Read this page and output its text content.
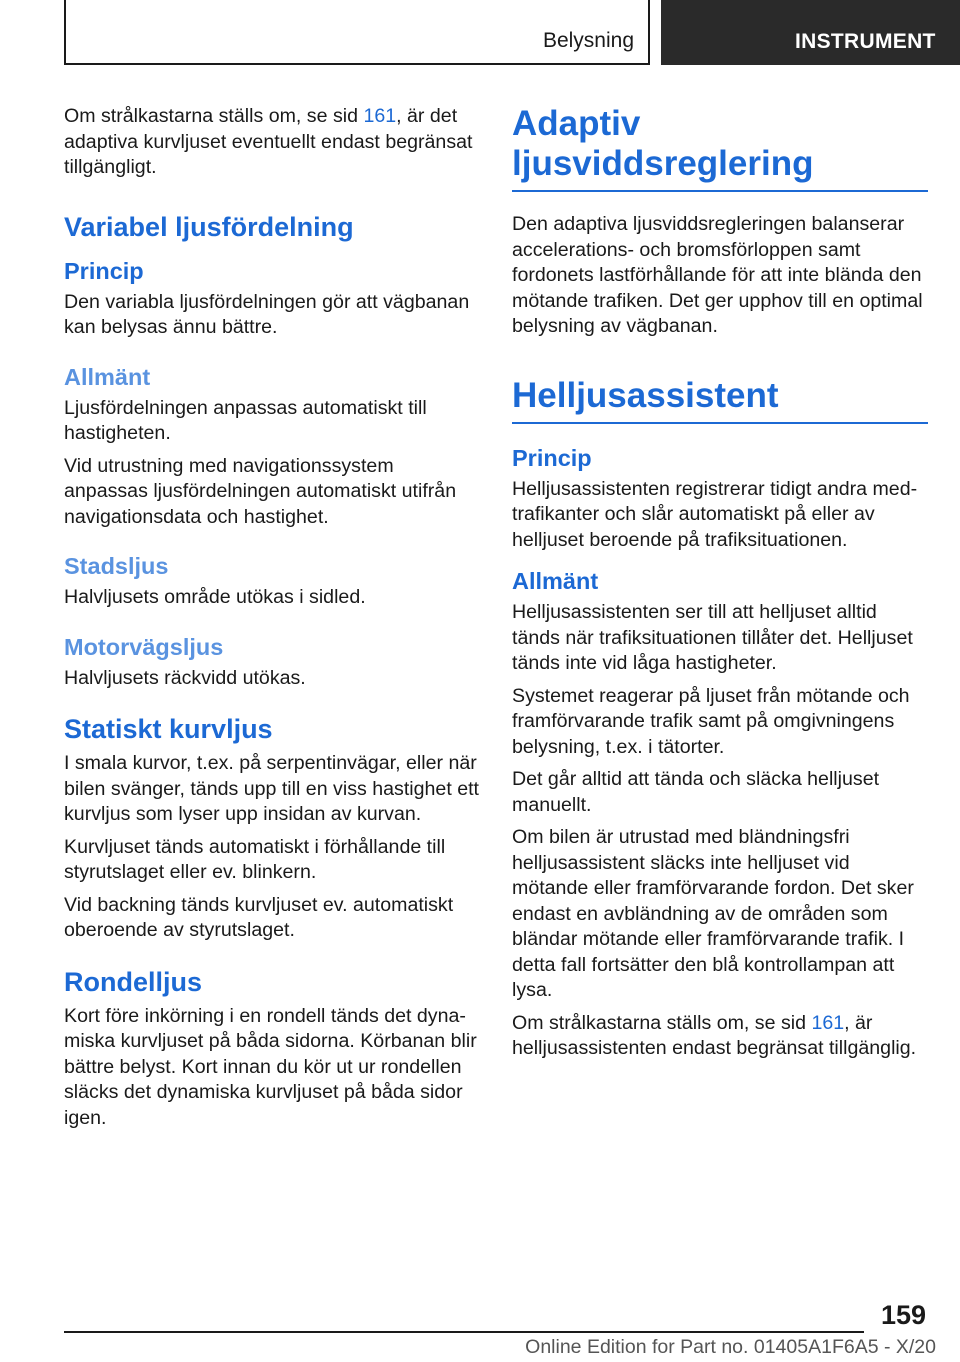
Belysning	INSTRUMENT

Om strålkastarna ställs om, se sid 161, är det adaptiva kurvljuset eventuellt endast begränsat tillgängligt.

Variabel ljusfördelning
Princip

Den variabla ljusfördelningen gör att vägbanan kan belysas ännu bättre.

Allmänt

Ljusfördelningen anpassas automatiskt till hastigheten.

Vid utrustning med navigationssystem anpassas ljusfördelningen automatiskt utifrån navigationsdata och hastighet.

Stadsljus

Halvljusets område utökas i sidled.

Motorvägsljus

Halvljusets räckvidd utökas.

Statiskt kurvljus

I smala kurvor, t.ex. på serpentinvägar, eller när bilen svänger, tänds upp till en viss hastighet ett kurvljus som lyser upp insidan av kurvan.

Kurvljuset tänds automatiskt i förhållande till styrutslaget eller ev. blinkern.

Vid backning tänds kurvljuset ev. automatiskt oberoende av styrutslaget.

Rondelljus

Kort före inkörning i en rondell tänds det dynamiska kurvljuset på båda sidorna. Körbanan blir bättre belyst. Kort innan du kör ut ur rondellen släcks det dynamiska kurvljuset på båda sidor igen.

Adaptiv ljusviddsreglering

Den adaptiva ljusviddsregleringen balanserar accelerations- och bromsförloppen samt fordonets lastförhållande för att inte blända den mötande trafiken. Det ger upphov till en optimal belysning av vägbanan.

Helljusassistent
Princip

Helljusassistenten registrerar tidigt andra medtrafikanter och slår automatiskt på eller av helljuset beroende på trafiksituationen.

Allmänt

Helljusassistenten ser till att helljuset alltid tänds när trafiksituationen tillåter det. Helljuset tänds inte vid låga hastigheter.

Systemet reagerar på ljuset från mötande och framförvarande trafik samt på omgivningens belysning, t.ex. i tätorter.

Det går alltid att tända och släcka helljuset manuellt.

Om bilen är utrustad med bländningsfri helljusassistent släcks inte helljuset vid mötande eller framförvarande fordon. Det sker endast en avbländning av de områden som bländar mötande eller framförvarande trafik. I detta fall fortsätter den blå kontrollampan att lysa.

Om strålkastarna ställs om, se sid 161, är helljusassistenten endast begränsat tillgänglig.

159
Online Edition for Part no. 01405A1F6A5 - X/20
